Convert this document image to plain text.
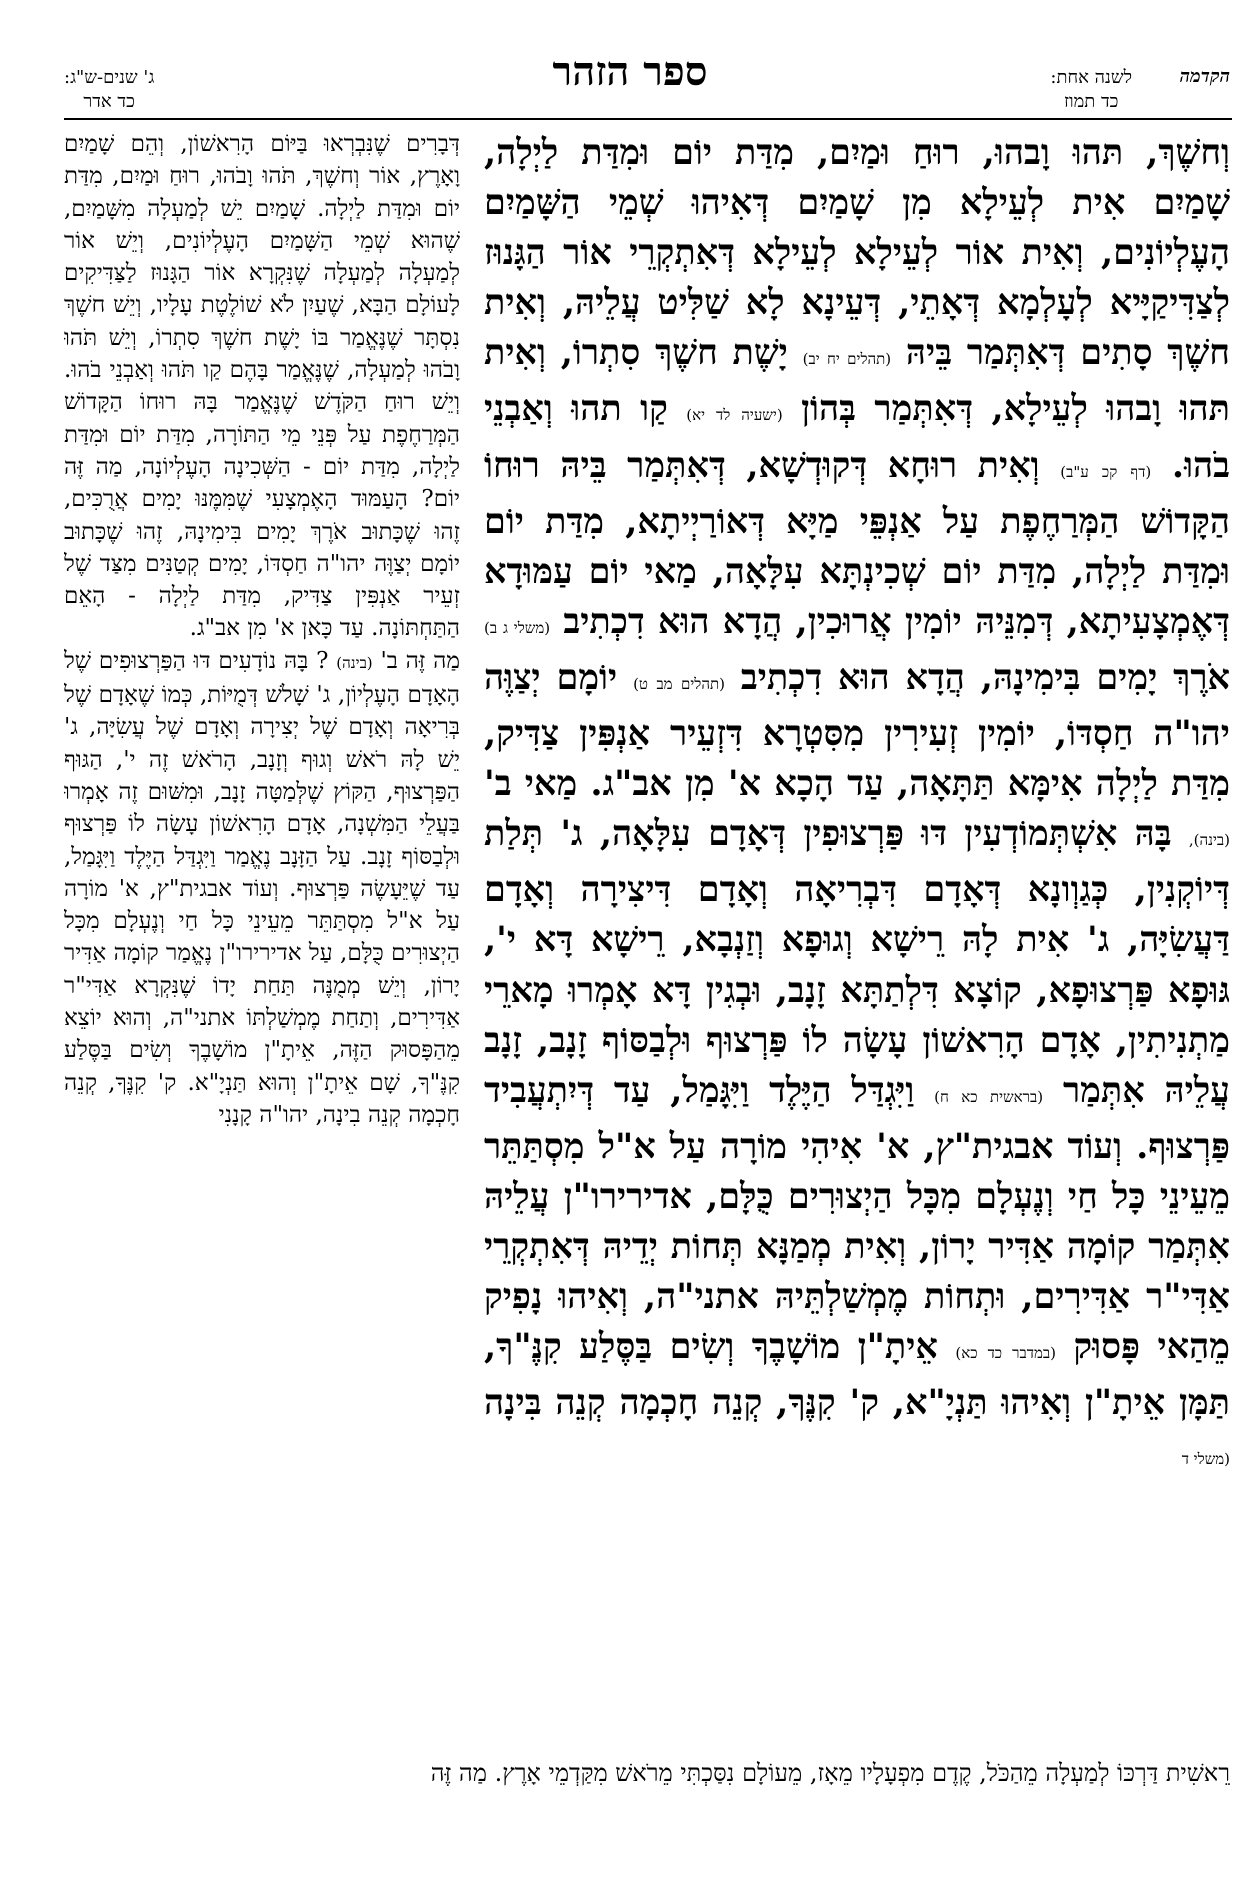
הקדמה
לשנה אחת:
כד תמוז
ספר הזהר
ג' שנים-ש"ג:
כד אדר
וְחשֶׁךְ, תּהוּ וָבהוּ, רוּחַ וּמַיִם, מִדַּת יוֹם וּמִדַּת לַיְלָה, שָׁמַיִם אִית לְעֵילָא מִן שָׁמַיִם דְּאִיהוּ שְׁמֵי הַשָּׁמַיִם הָעֶלְיוֹנִים, וְאִית אוֹר לְעֵילָא לְעֵילָא דְּאִתְקְרֵי אוֹר הַגָּנוּז לְצַדִּיקַיָּיא לְעָלְמָא דְּאָתֵי, דְּעֵינָא לָא שַׁלִּיט עֲלֵיהּ, וְאִית חשֶׁךְ סָתִים דְּאִתְּמַר בֵּיהּ (תהלים יח יב) יָשֶׁת חשֶׁךְ סִתְרוֹ, וְאִית תּהוּ וָבהוּ לְעֵילָא, דְּאִתְּמַר בְּהוֹן (ישעיה לד יא) קַו תהוּ וְאַבְנֵי בֹהוּ. (דף קכ ע"ב) וְאִית רוּחָא דְּקוּדְשָׁא, דְּאִתְּמַר בֵּיהּ רוּחוֹ הַקָּדוֹשׁ הַמְּרַחֶפֶת עַל אַנְפֵּי מַיָּא דְּאוֹרַיְיתָא, מִדַּת יוֹם וּמִדַּת לַיְלָה, מִדַּת יוֹם שְׁכִינְתָּא עִלָּאָה, מַאי יוֹם עַמּוּדָא דְּאֶמְצָעִיתָא, דְּמִנֵּיהּ יוֹמִין אֲרוּכִין, הֲדָא הוּא דִכְתִיב (משלי ג ב) אֹרֶךְ יָמִים בִּימִינָהּ, הֲדָא הוּא דִכְתִיב (תהלים מב ט) יוֹמָם יְצַוֶּה יהו"ה חַסְדּוֹ, יוֹמִין זְעִירִין מִסִּטְרָא דִּזְעֵיר אַנְפִּין צַדִּיק, מִדַּת לַיְלָה אִימָּא תַּתָּאָה, עַד הָכָא א' מִן אב"ג. מַאי ב' (בינה), בָּהּ אִשְׁתְּמוֹדְעִין דּוּ פַּרְצוּפִין דְּאָדָם עִלָּאָה, ג' תְּלַת דְּיוֹקְנִין, כְּגַוְונָא דְּאָדָם דִּבְרִיאָה וְאָדָם דִּיצִירָה וְאָדָם דַּעֲשִׂיָּה, ג' אִית לָהּ רֵישָׁא וְגוּפָא וְזַנְבָא, רֵישָׁא דָּא י', גּוּפָא פַּרְצוּפָא, קוֹצָא דִּלְתַתָּא זָנָב, וּבְגִין דָּא אָמְרוּ מָארֵי מַתְנִיתִין, אָדָם הָרִאשׁוֹן עָשָׂה לוֹ פַּרְצוּף וּלְבַסּוֹף זָנָב, זָנָב עֲלֵיהּ אִתְּמַר (בראשית כא ח) וַיִּגְדַּל הַיֶּלֶד וַיִּגָּמַל, עַד דְּיִתְעֲבִיד פַּרְצוּף. וְעוֹד אבגית"ץ, א' אִיהִי מוֹרָה עַל א"ל מִסְתַּתֵּר מֵעֵינֵי כָּל חַי וְנֶעְלָם מִכָּל הַיְצוּרִים כֻּלָּם, אדירירו"ן עֲלֵיהּ אִתְּמַר קוֹמָה אַדִּיר יָרוֹן, וְאִית מְמַנָּא תְּחוֹת יְדֵיהּ דְּאִתְקְרֵי אַדִּי"ר אַדִּירִים, וּתְחוֹת מֶמְשַׁלְתֵּיהּ אתני"ה, וְאִיהוּ נָפִיק מֵהַאי פָּסוּק (במדבר כד כא) אֵיתָ"ן מוֹשָׁבֶךָ וְשִׂים בַּסֶּלַע קִנֶּ"ךָ, תַּמָּן אֵיתָ"ן וְאִיהוּ תַּנְיָ"א, ק' קִנֶּךָ, קְנֵה חָכְמָה קְנֵה בִּינָה (משלי ד

דְּבָרִים שֶׁנִּבְרְאוּ בַּיּוֹם הָרִאשׁוֹן, וְהֵם שָׁמַיִם וָאָרֶץ, אוֹר וְחשֶׁךְ, תֹּהוּ וָבֹהוּ, רוּחַ וּמַיִם, מִדַּת יוֹם וּמִדַּת לַיְלָה. שָׁמַיִם יֵשׁ לְמַעְלָה מִשָּׁמַיִם, שֶׁהוּא שְׁמֵי הַשָּׁמַיִם הָעֶלְיוֹנִים, וְיֵשׁ אוֹר לְמַעְלָה לְמַעְלָה שֶׁנִּקְרָא אוֹר הַגָּנוּז לַצַּדִּיקִים לָעוֹלָם הַבָּא, שֶׁעַיִן לֹא שׁוֹלֶטֶת עָלָיו, וְיֵשׁ חשֶׁךְ נִסְתָּר שֶׁנֶּאֱמַר בּוֹ יָשֶׁת חשֶׁךְ סִתְרוֹ, וְיֵשׁ תֹּהוּ וָבֹהוּ לְמַעְלָה, שֶׁנֶּאֱמַר בָּהֶם קַו תֹּהוּ וְאַבְנֵי בֹהוּ. וְיֵשׁ רוּחַ הַקֹּדֶשׁ שֶׁנֶּאֱמַר בָּהּ רוּחוֹ הַקָּדוֹשׁ הַמְּרַחֶפֶת עַל פְּנֵי מֵי הַתּוֹרָה, מִדַּת יוֹם וּמִדַּת לַיְלָה, מִדַּת יוֹם - הַשְּׁכִינָה הָעֶלְיוֹנָה, מַה זֶּה יוֹם? הָעַמּוּד הָאֶמְצָעִי שֶׁמִּמֶּנּוּ יָמִים אֲרֻכִּים, זֶהוּ שֶׁכָּתוּב אֹרֶךְ יָמִים בִּימִינָהּ, זֶהוּ שֶׁכָּתוּב יוֹמָם יְצַוֶּה יהו"ה חַסְדּוֹ, יָמִים קְטַנִּים מִצַּד שֶׁל זְעֵיר אַנְפִּין צַדִּיק, מִדַּת לַיְלָה - הָאֵם הַתַּחְתּוֹנָה. עַד כָּאן א' מִן אב"ג.

מַה זֶּה ב' (בינה) ? בָּהּ נוֹדָעִים דּוּ הַפַּרְצוּפִים שֶׁל הָאָדָם הָעֶלְיוֹן, ג' שָׁלֹשׁ דְּמֻיּוֹת, כְּמוֹ שֶׁאָדָם שֶׁל בְּרִיאָה וְאָדָם שֶׁל יְצִירָה וְאָדָם שֶׁל עֲשִׂיָּה, ג' יֵשׁ לָהּ רֹאשׁ וְגוּף וְזָנָב, הָרֹאשׁ זֶה י', הַגּוּף הַפַּרְצוּף, הַקּוֹץ שֶׁלְּמַטָּה זָנָב, וּמִשּׁוּם זֶה אָמְרוּ בַּעֲלֵי הַמִּשְׁנָה, אָדָם הָרִאשׁוֹן עָשָׂה לוֹ פַּרְצוּף וּלְבַסּוֹף זָנָב. עַל הַזָּנָב נֶאֱמַר וַיִּגְדַּל הַיֶּלֶד וַיִּגָּמַל, עַד שֶׁיֵּעָשֶׂה פַּרְצוּף. וְעוֹד אבגית"ץ, א' מוֹרָה עַל א"ל מִסְתַּתֵּר מֵעֵינֵי כָּל חַי וְנֶעְלָם מִכָּל הַיְצוּרִים כֻּלָּם, עַל אדירירו"ן נֶאֱמַר קוֹמָה אַדִּיר יָרוֹן, וְיֵשׁ מְמֻנֶּה תַּחַת יָדוֹ שֶׁנִּקְרָא אַדִּי"ר אַדִּירִים, וְתַחַת מֶמְשַׁלְתּוֹ אתני"ה, וְהוּא יוֹצֵא מֵהַפָּסוּק הַזֶּה, אֵיתָ"ן מוֹשָׁבֶךָ וְשִׂים בַּסֶּלַע קִנֶּ"ךָ, שָׁם אֵיתָ"ן וְהוּא תַּנְיָ"א. ק' קִנֶּךָ, קְנֵה חָכְמָה קְנֵה בִינָה, יהו"ה קָנָנִי

רֵאשִׁית דַּרְכּוֹ לְמַעְלָה מֵהַכֹּל, קֶדֶם מִפְעָלָיו מֵאָז, מֵעוֹלָם נִסַּכְתִּי מֵרֹאשׁ מִקַּדְמֵי אָרֶץ. מַה זֶּה
